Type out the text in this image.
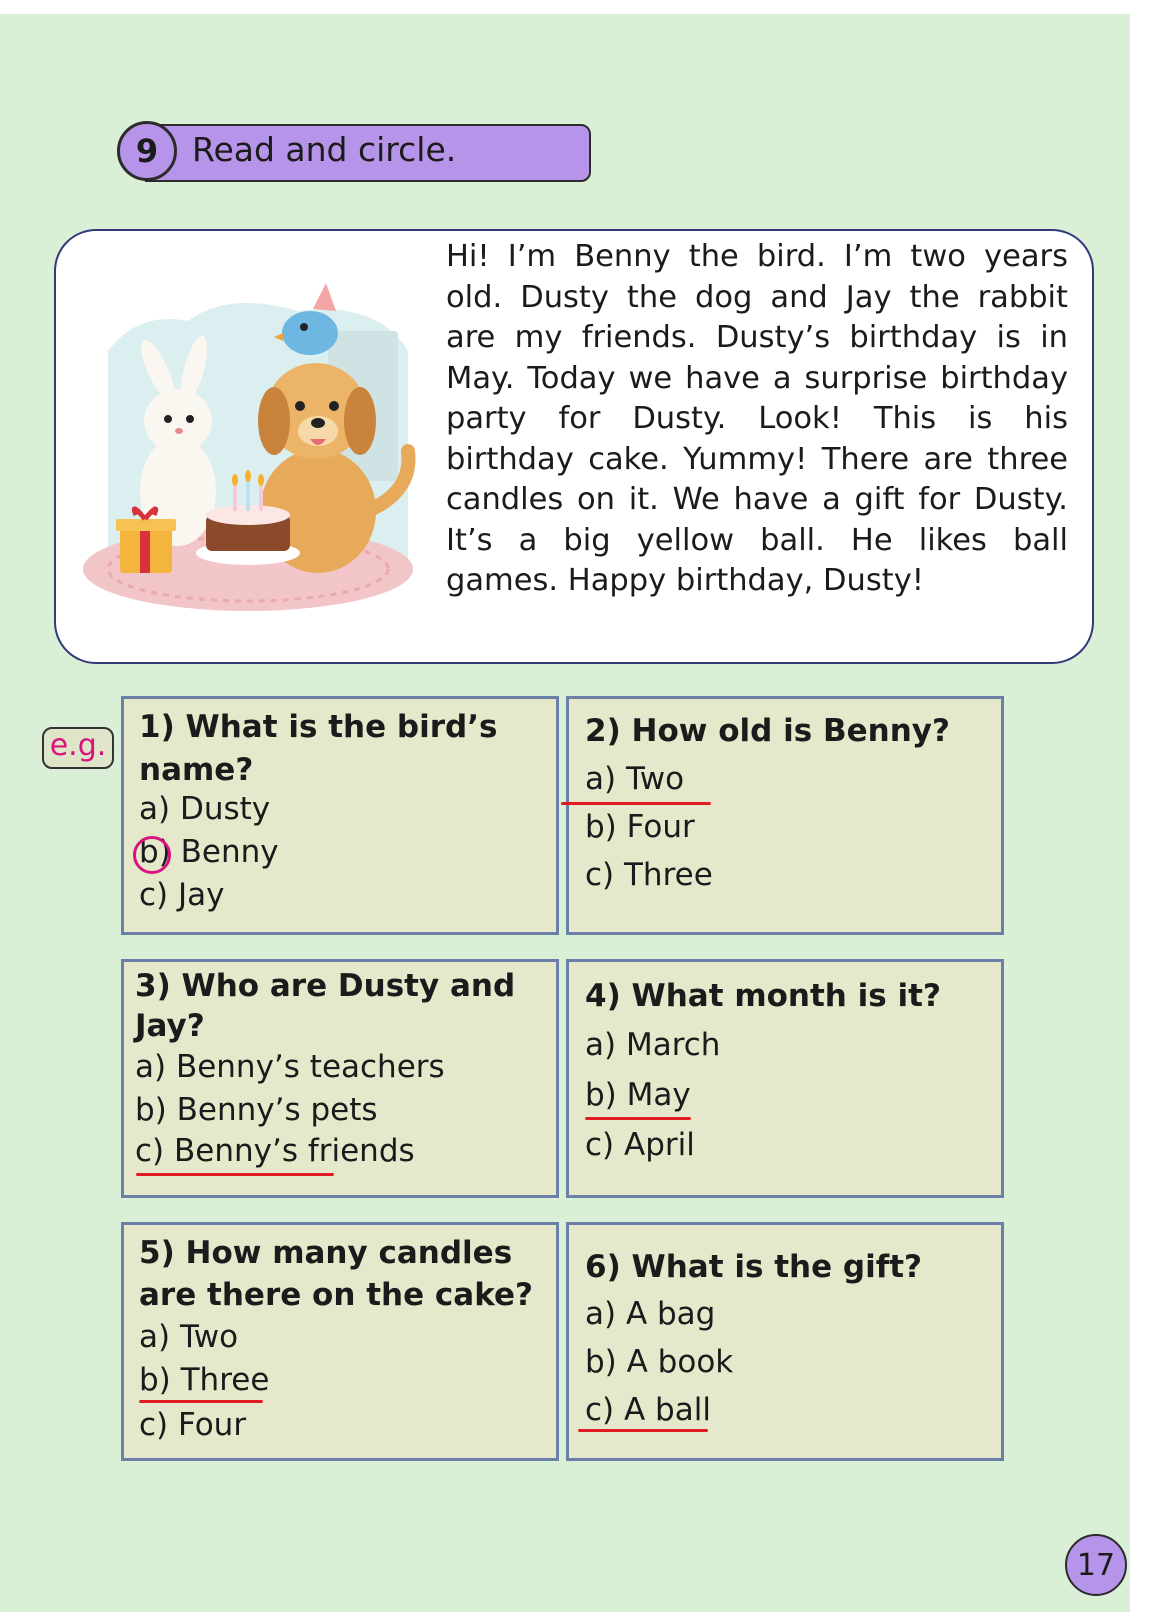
9	Read and circle.
Hi! I’m Benny the bird. I’m two years old. Dusty the dog and Jay the rabbit are my friends. Dusty’s birthday is in May. Today we have a surprise birthday party for Dusty. Look! This is his birthday cake. Yummy! There are three candles on it. We have a gift for Dusty. It’s a big yellow ball. He likes ball games. Happy birthday, Dusty!
e.g.
1) What is the bird’s name?
a) Dusty
b) Benny
c) Jay
2) How old is Benny?
a) Two
b) Four
c) Three
3) Who are Dusty and Jay?
a) Benny’s teachers
b) Benny’s pets
c) Benny’s friends
4) What month is it?
a) March
b) May
c) April
5) How many candles are there on the cake?
a) Two
b) Three
c) Four
6) What is the gift?
a) A bag
b) A book
c) A ball
17
